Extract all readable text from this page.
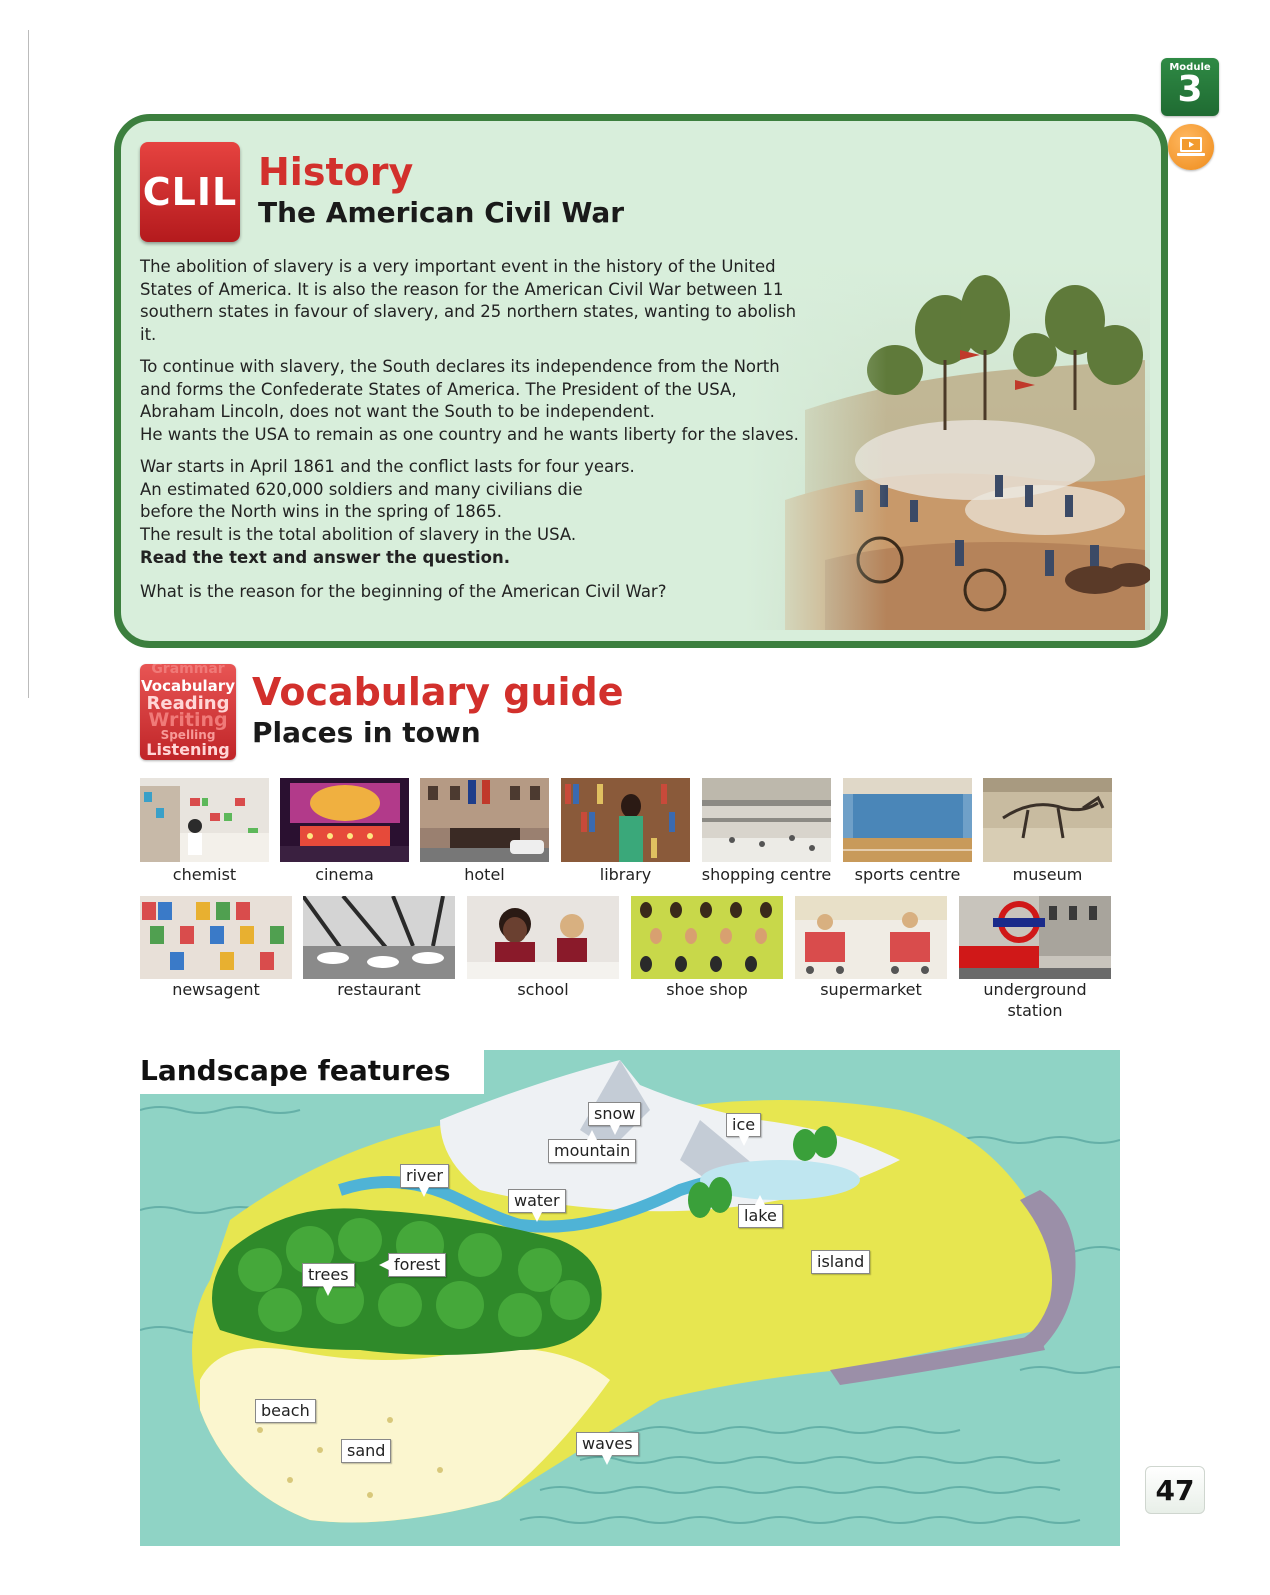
Module
3
CLIL History
The American Civil War

The abolition of slavery is a very important event in the history of the United
States of America. It is also the reason for the American Civil War between 11
southern states in favour of slavery, and 25 northern states, wanting to abolish it.

To continue with slavery, the South declares its independence from the North
and forms the Confederate States of America. The President of the USA,
Abraham Lincoln, does not want the South to be independent.
He wants the USA to remain as one country and he wants liberty for the slaves.

War starts in April 1861 and the conflict lasts for four years.
An estimated 620,000 soldiers and many civilians die
before the North wins in the spring of 1865.
The result is the total abolition of slavery in the USA.

Read the text and answer the question.
What is the reason for the beginning of the American Civil War?
Grammar
Vocabulary
Reading
Writing
Spelling
Listening
Vocabulary guide
Places in town
chemist	cinema	hotel	library	shopping centre	sports centre	museum
newsagent	restaurant	school	shoe shop	supermarket	underground
station
Landscape features
snow
ice
mountain
river
water
lake
island
trees
forest
beach
sand	waves
47
